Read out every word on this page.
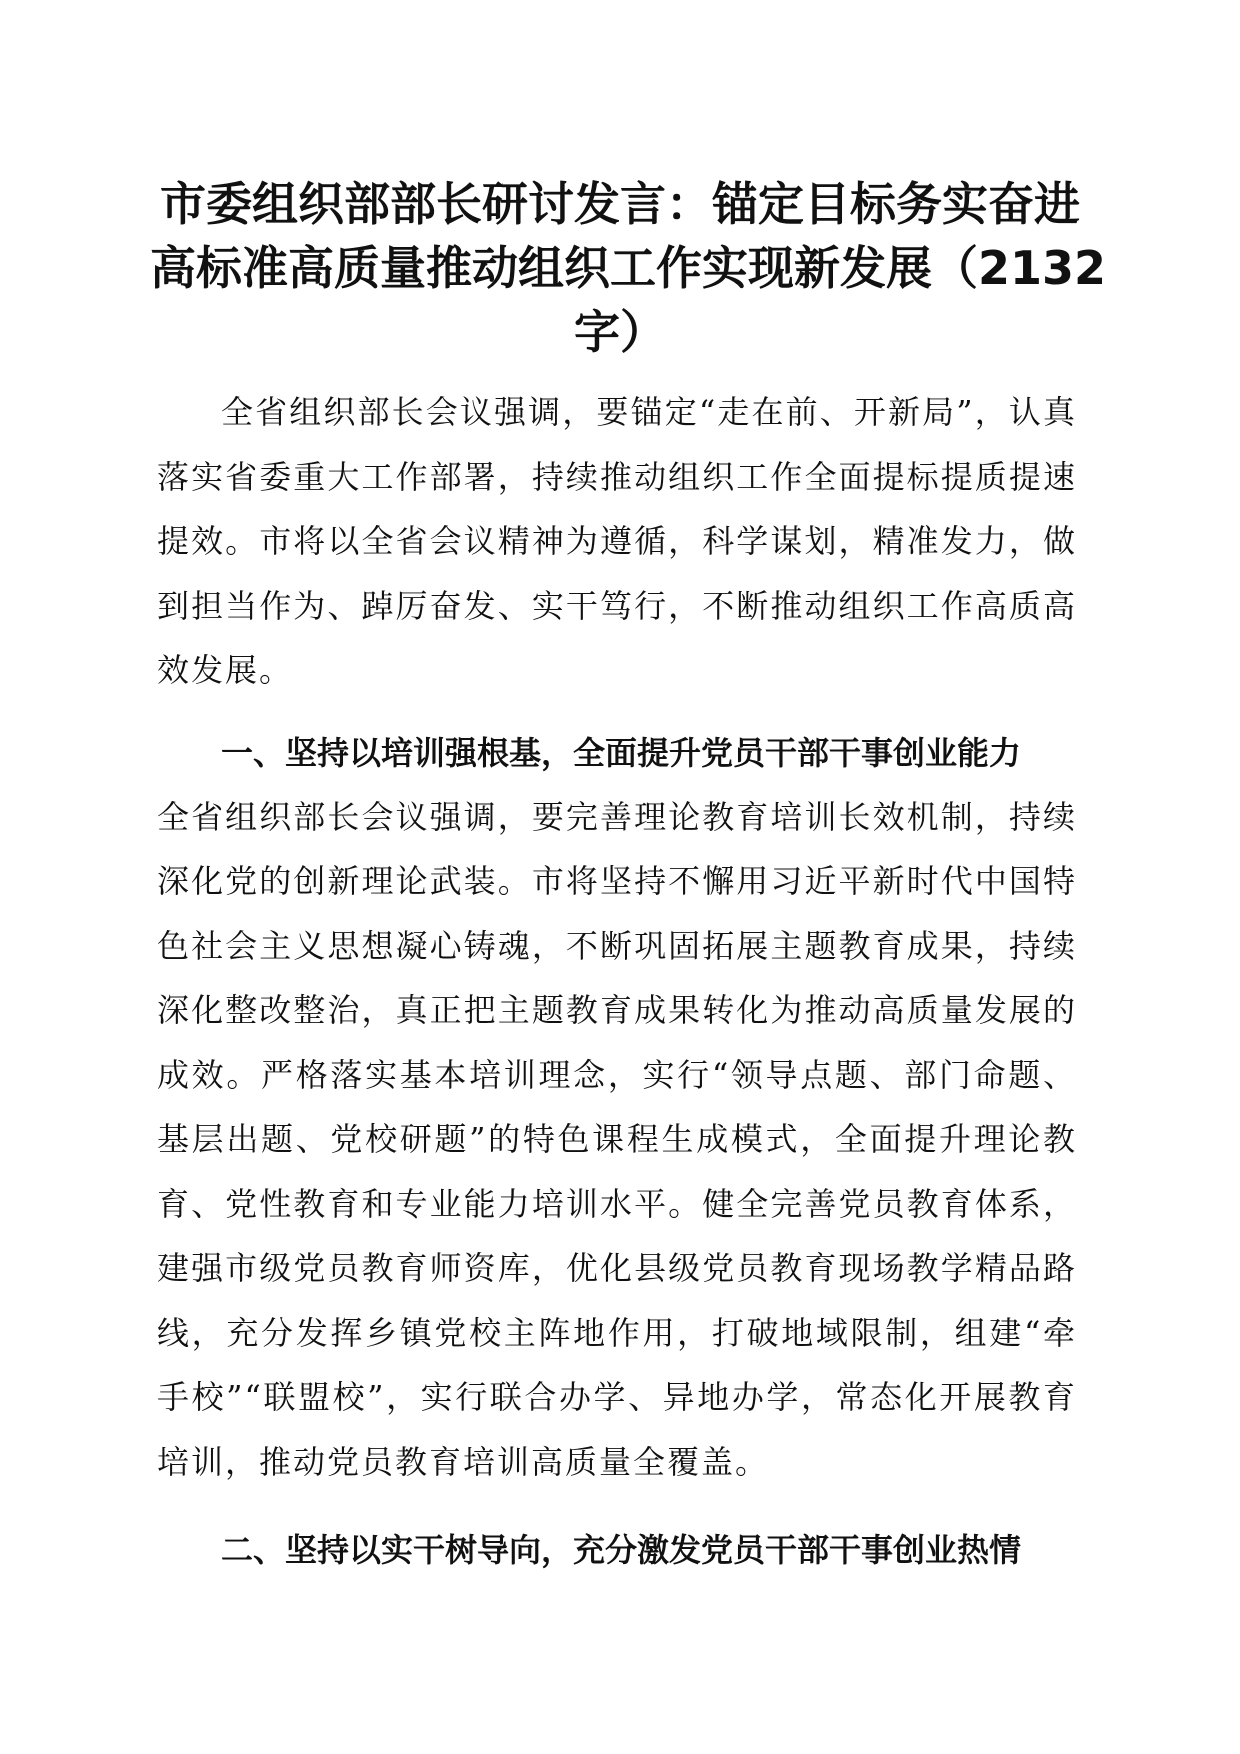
市委组织部部长研讨发言：锚定目标务实奋进
高标准高质量推动组织工作实现新发展（2132
字）

全省组织部长会议强调，要锚定“走在前、开新局”，认真落实省委重大工作部署，持续推动组织工作全面提标提质提速提效。市将以全省会议精神为遵循，科学谋划，精准发力，做到担当作为、踔厉奋发、实干笃行，不断推动组织工作高质高效发展。

一、坚持以培训强根基，全面提升党员干部干事创业能力

全省组织部长会议强调，要完善理论教育培训长效机制，持续深化党的创新理论武装。市将坚持不懈用习近平新时代中国特色社会主义思想凝心铸魂，不断巩固拓展主题教育成果，持续深化整改整治，真正把主题教育成果转化为推动高质量发展的成效。严格落实基本培训理念，实行“领导点题、部门命题、基层出题、党校研题”的特色课程生成模式，全面提升理论教育、党性教育和专业能力培训水平。健全完善党员教育体系，建强市级党员教育师资库，优化县级党员教育现场教学精品路线，充分发挥乡镇党校主阵地作用，打破地域限制，组建“牵手校”“联盟校”，实行联合办学、异地办学，常态化开展教育培训，推动党员教育培训高质量全覆盖。

二、坚持以实干树导向，充分激发党员干部干事创业热情
